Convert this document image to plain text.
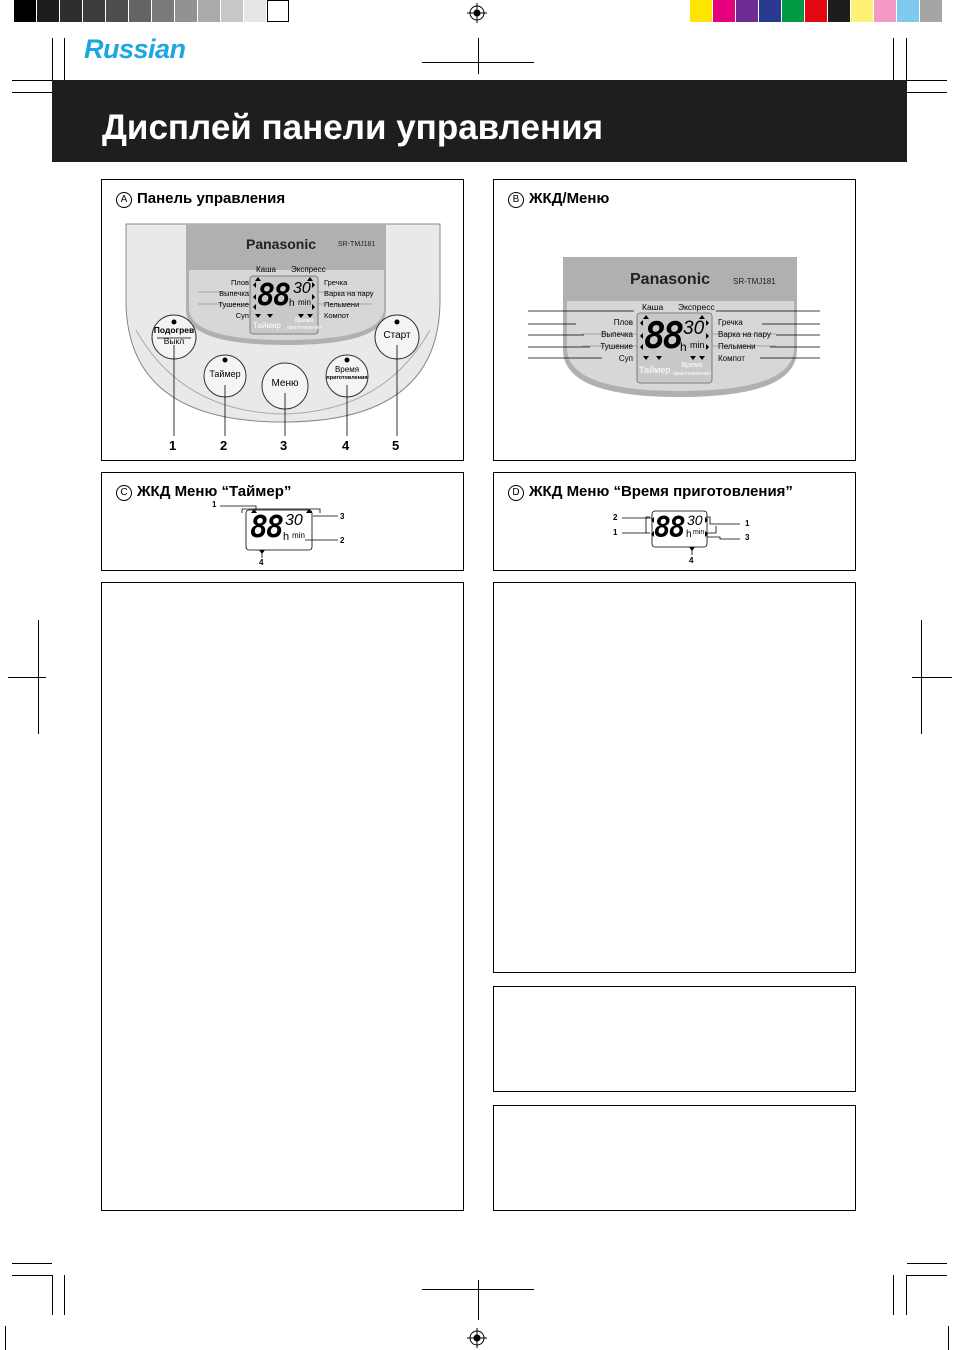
Russian
Дисплей панели управления
A Панель управления
Panasonic	SR-TMJ181
Каша Экспресс
Плов
Выпечка
Тушение
Суп
Гречка
Варка на пару
Пельмени
Компот
88 30
h min
Таймер	Время
приготовления
Подогрев
Выкл
Таймер
Меню
Время
приготовления
Старт
1	2	3	4	5
B ЖКД/Меню
Panasonic	SR-TMJ181
Каша Экспресс
Плов
Выпечка
Тушение
Суп
Гречка
Варка на пару
Пельмени
Компот
88 30
h min
Таймер	Время
приготовления
C ЖКД Меню “Таймер”
88 30
h min
1
3
2
4
D ЖКД Меню “Время приготовления”
88 30
h min
2
1
1
3
4
